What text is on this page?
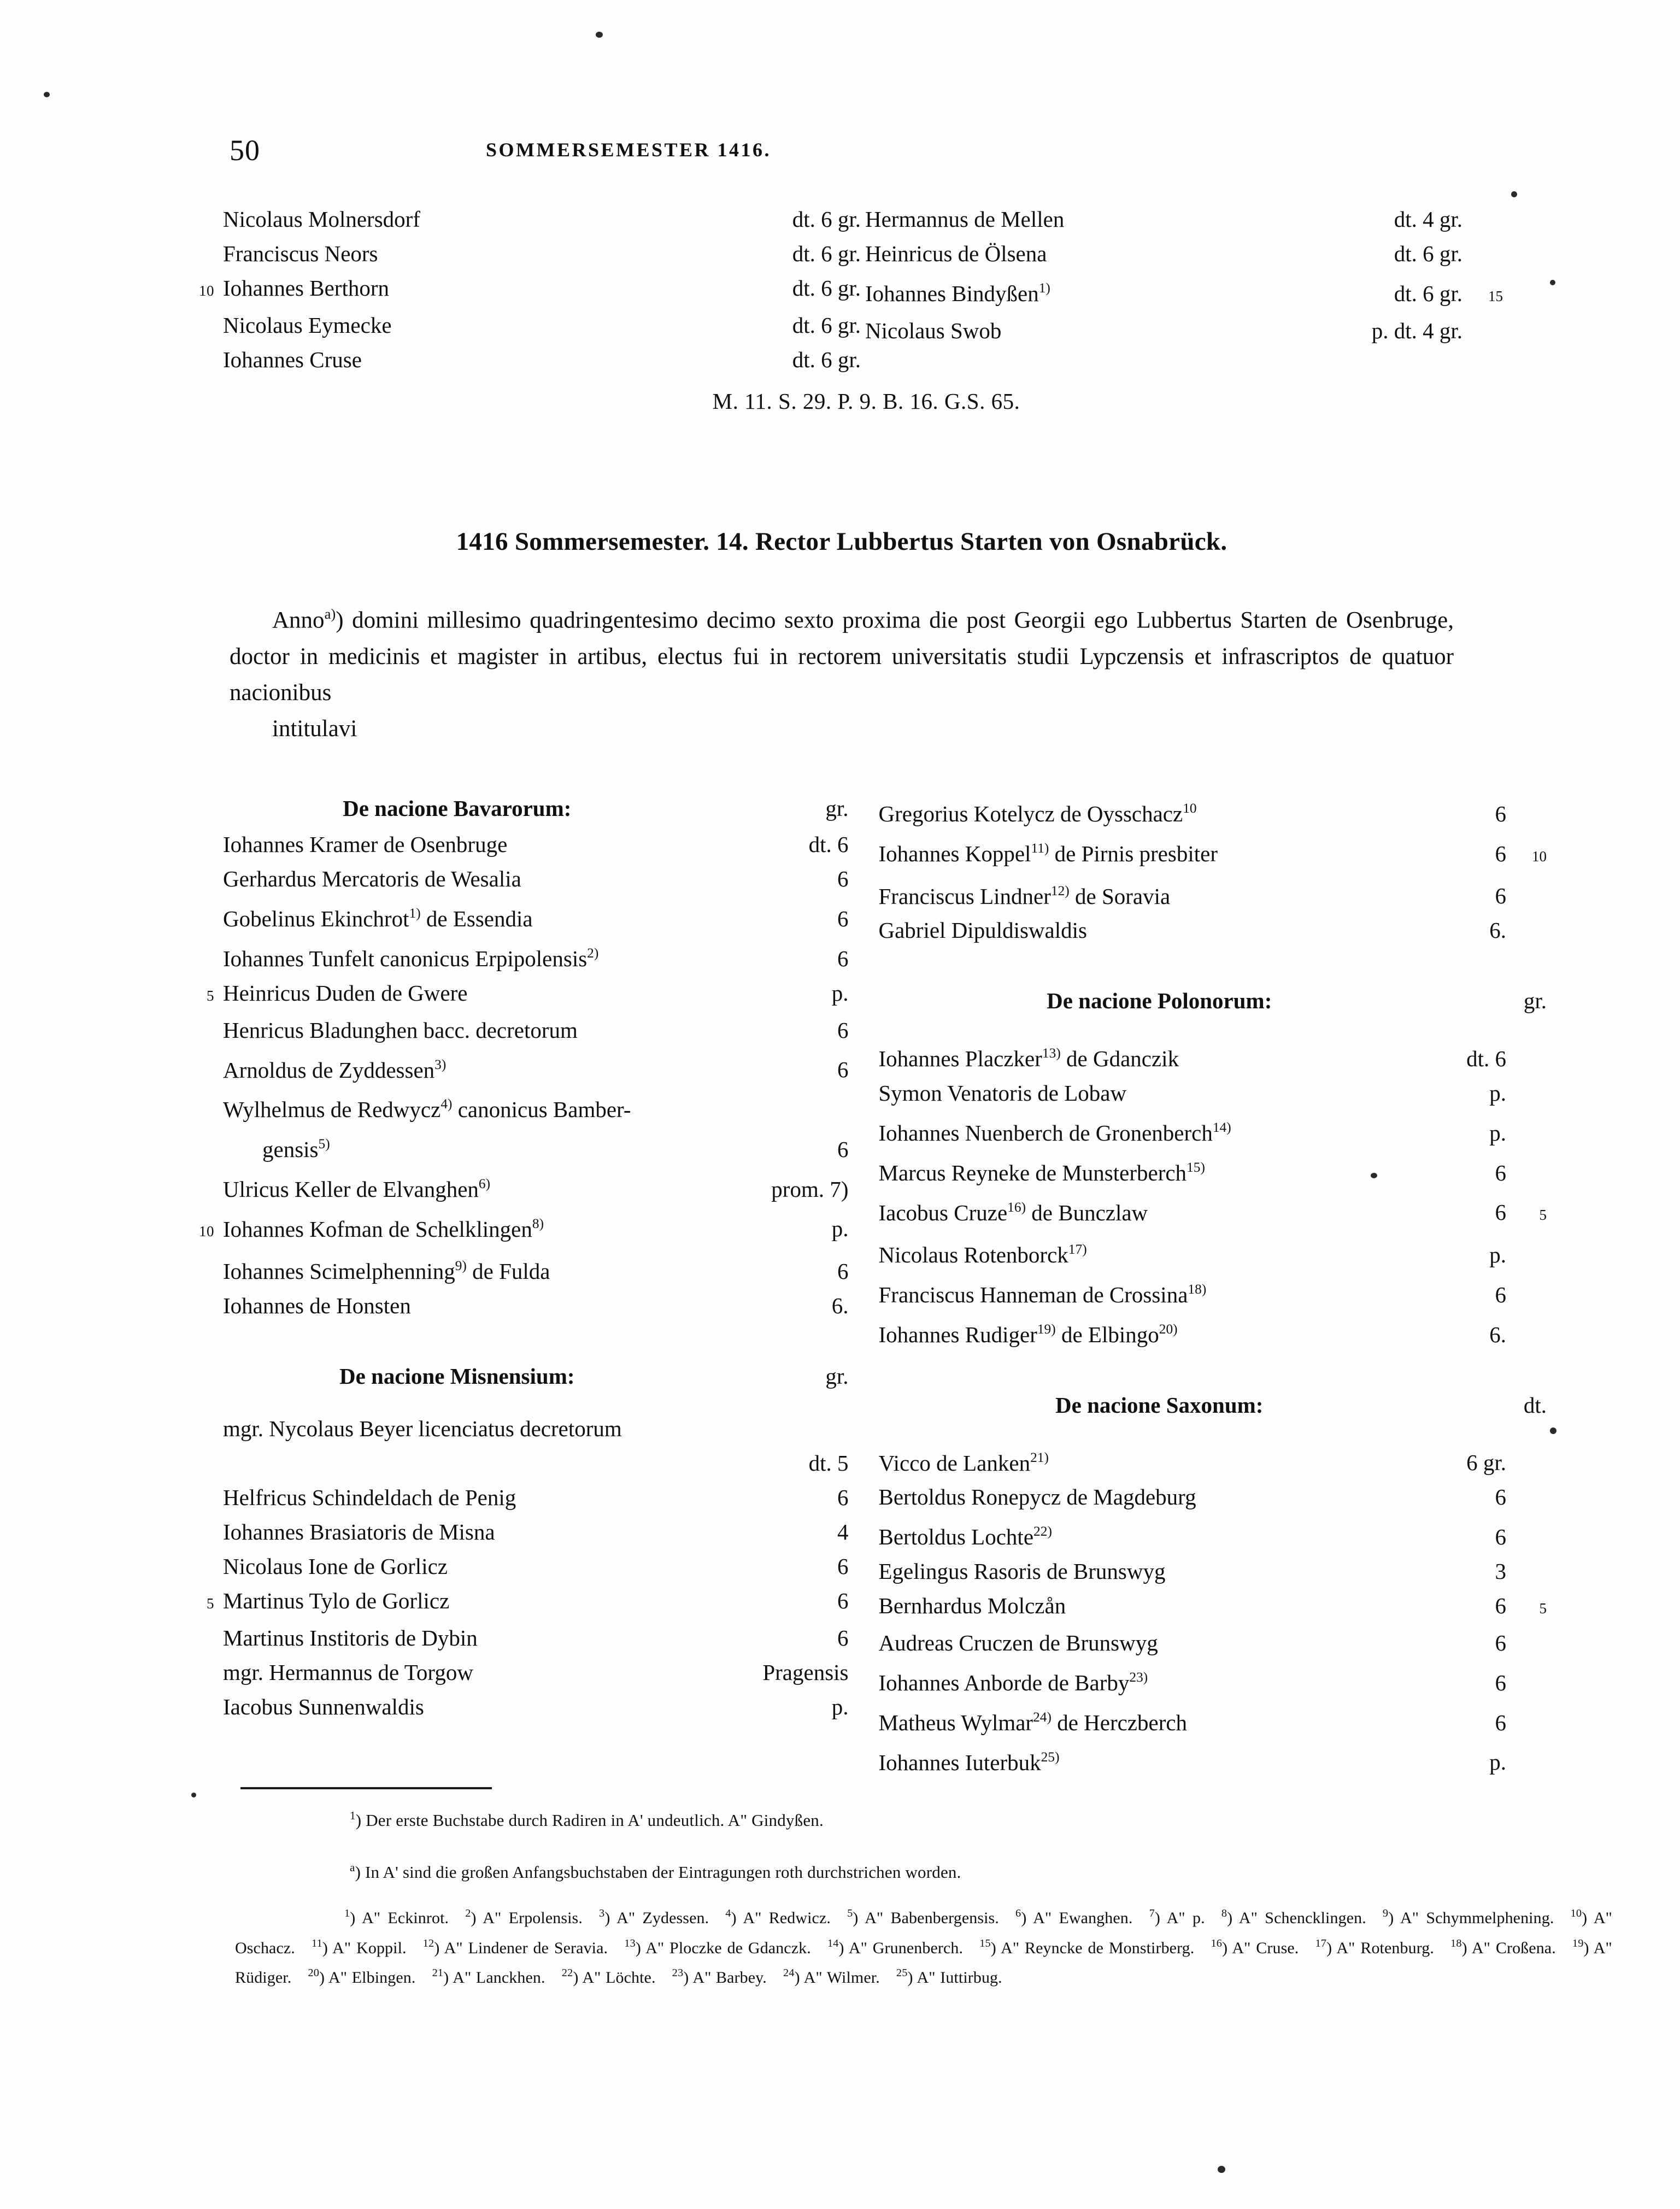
50	SOMMERSEMESTER 1416.
Nicolaus Molnersdorf	dt. 6 gr.
Franciscus Neors	dt. 6 gr.
10 Iohannes Berthorn	dt. 6 gr.
Nicolaus Eymecke	dt. 6 gr.
Iohannes Cruse	dt. 6 gr.
Hermannus de Mellen	dt. 4 gr.
Heinricus de Ölsena	dt. 6 gr.
Iohannes Bindyßen$^{1)}$	dt. 6 gr.	15
Nicolaus Swob	p. dt. 4 gr.
M. 11. S. 29. P. 9. B. 16. G.S. 65.
1416 Sommersemester. 14. Rector Lubbertus Starten von Osnabrück.
Anno$^{a)}$) domini millesimo quadringentesimo decimo sexto proxima die post Georgii ego Lubbertus Starten de Osenbruge, doctor in medicinis et magister in artibus, electus fui in rectorem universitatis studii Lypczensis et infrascriptos de quatuor nacionibus
intitulavi
De nacione Bavarorum:	gr.
Iohannes Kramer de Osenbruge	dt. 6
Gerhardus Mercatoris de Wesalia	6
Gobelinus Ekinchrot$^{1)}$ de Essendia	6
Iohannes Tunfelt canonicus Erpipolensis$^{2)}$	6
5 Heinricus Duden de Gwere	p.
Henricus Bladunghen bacc. decretorum	6
Arnoldus de Zyddessen$^{3)}$	6
Wylhelmus de Redwycz$^{4)}$ canonicus Bamber-
gensis$^{5)}$	6
Ulricus Keller de Elvanghen$^{6)}$	prom. 7)
10 Iohannes Kofman de Schelklingen$^{8)}$	p.
Iohannes Scimelphenning$^{9)}$ de Fulda	6
Iohannes de Honsten	6.
De nacione Misnensium:	gr.
mgr. Nycolaus Beyer licenciatus decretorum
dt. 5
Helfricus Schindeldach de Penig	6
Iohannes Brasiatoris de Misna	4
Nicolaus Ione de Gorlicz	6
5 Martinus Tylo de Gorlicz	6
Martinus Institoris de Dybin	6
mgr. Hermannus de Torgow	Pragensis
Iacobus Sunnenwaldis	p.
Gregorius Kotelycz de Oysschacz$^{10}$	6
Iohannes Koppel$^{11)}$ de Pirnis presbiter	6	10
Franciscus Lindner$^{12)}$ de Soravia	6
Gabriel Dipuldiswaldis	6.
De nacione Polonorum:	gr.
Iohannes Placzker$^{13)}$ de Gdanczik	dt. 6
Symon Venatoris de Lobaw	p.
Iohannes Nuenberch de Gronenberch$^{14)}$	p.
Marcus Reyneke de Munsterberch$^{15)}$	6
Iacobus Cruze$^{16)}$ de Bunczlaw	6	5
Nicolaus Rotenborck$^{17)}$	p.
Franciscus Hanneman de Crossina$^{18)}$	6
Iohannes Rudiger$^{19)}$ de Elbingo$^{20)}$	6.
De nacione Saxonum:	dt.
Vicco de Lanken$^{21)}$	6 gr.
Bertoldus Ronepycz de Magdeburg	6
Bertoldus Lochte$^{22)}$	6
Egelingus Rasoris de Brunswyg	3
Bernhardus Molczån	6	5
Audreas Cruczen de Brunswyg	6
Iohannes Anborde de Barby$^{23)}$	6
Matheus Wylmar$^{24)}$ de Herczberch	6
Iohannes Iuterbuk$^{25)}$	p.
$^1$) Der erste Buchstabe durch Radiren in A' undeutlich. A" Gindyßen.
$^a$) In A' sind die großen Anfangsbuchstaben der Eintragungen roth durchstrichen worden.
$^1$) A" Eckinrot.  $^2$) A" Erpolensis.  $^3$) A" Zydessen.  $^4$) A" Redwicz.  $^5$) A" Babenbergensis.  $^6$) A" Ewanghen.  $^7$) A" p.  $^8$) A" Schencklingen.  $^9$) A" Schymmelphening.  $^{10}$) A" Oschacz.  $^{11}$) A" Koppil.  $^{12}$) A" Lindener de Seravia.  $^{13}$) A" Ploczke de Gdanczk.  $^{14}$) A" Grunenberch.  $^{15}$) A" Reyncke de Monstirberg.  $^{16}$) A" Cruse.  $^{17}$) A" Rotenburg.  $^{18}$) A" Croßena.  $^{19}$) A" Rüdiger.  $^{20}$) A" Elbingen.  $^{21}$) A" Lanckhen.  $^{22}$) A" Löchte.  $^{23}$) A" Barbey.  $^{24}$) A" Wilmer.  $^{25}$) A" Iuttirbug. 
